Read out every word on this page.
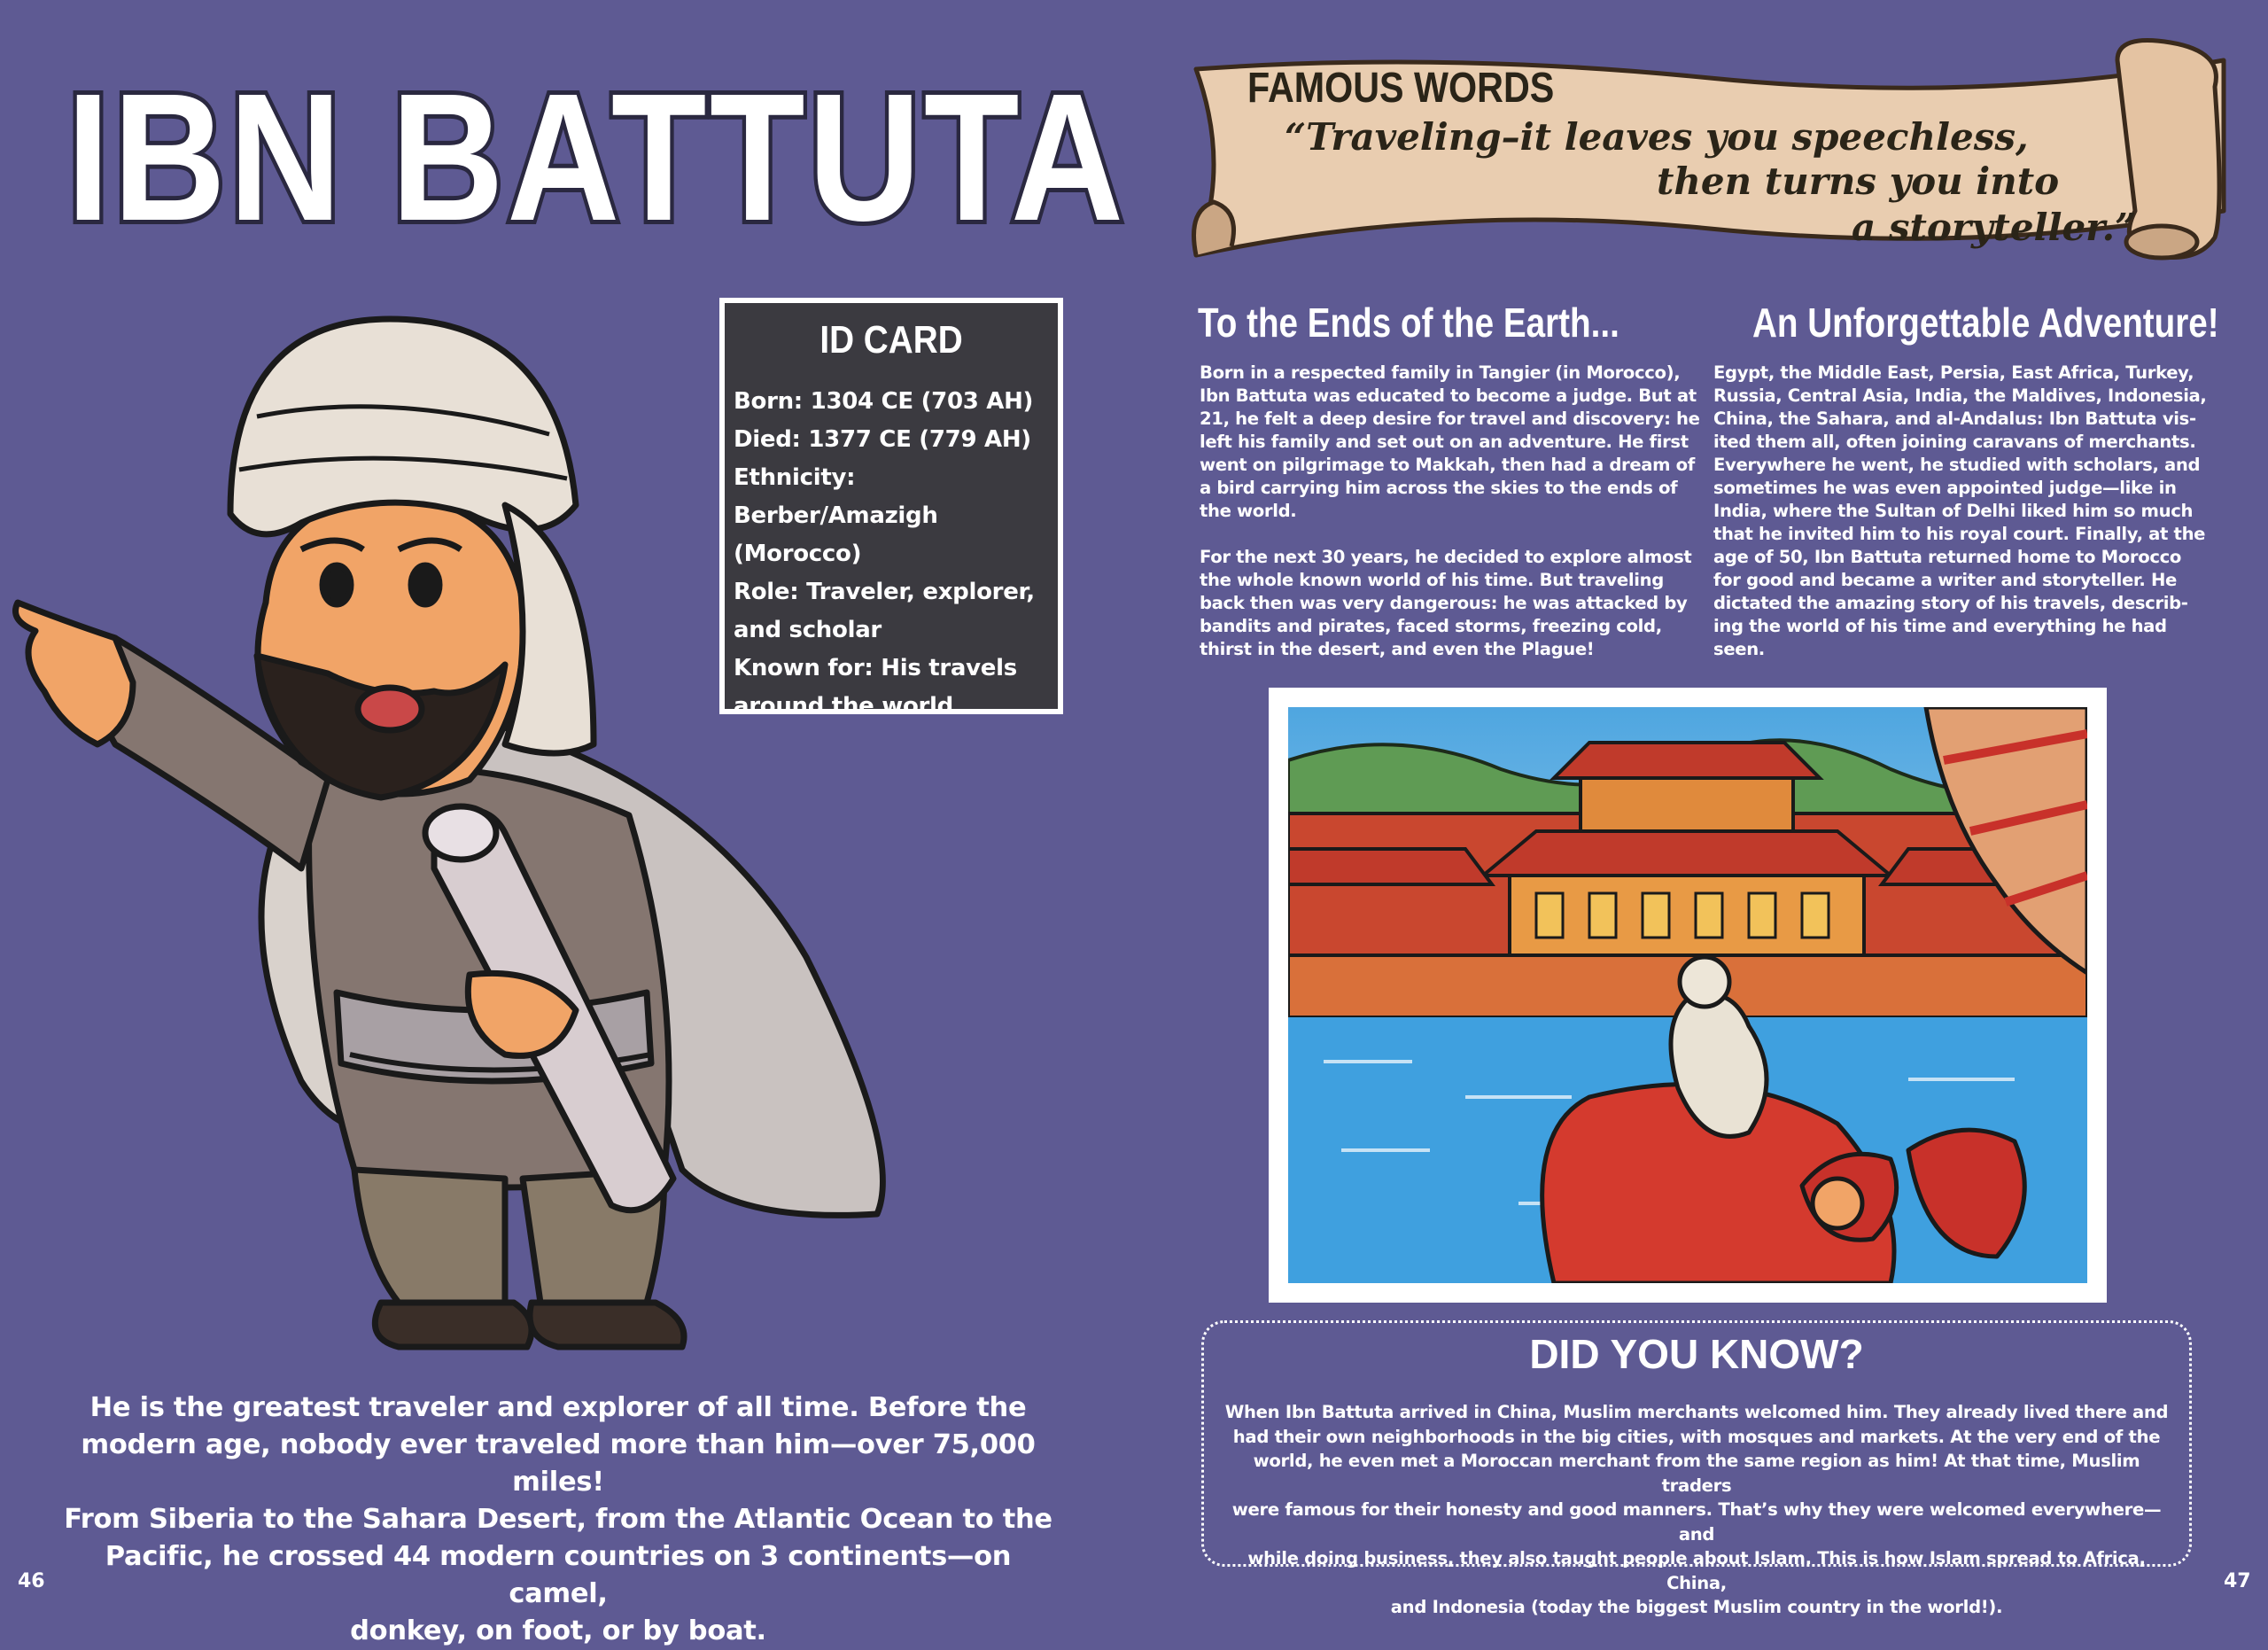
IBN BATTUTA
ID CARD
Born: 1304 CE (703 AH)
Died: 1377 CE (779 AH)
Ethnicity: Berber/Amazigh
(Morocco)
Role: Traveler, explorer,
and scholar
Known for: His travels
around the world.
He is the greatest traveler and explorer of all time. Before the
modern age, nobody ever traveled more than him—over 75,000 miles!
From Siberia to the Sahara Desert, from the Atlantic Ocean to the
Pacific, he crossed 44 modern countries on 3 continents—on camel,
donkey, on foot, or by boat.
46
FAMOUS WORDS
“Traveling–it leaves you speechless,
then turns you into
a storyteller.”
To the Ends of the Earth...

Born in a respected family in Tangier (in Morocco),
Ibn Battuta was educated to become a judge. But at
21, he felt a deep desire for travel and discovery: he
left his family and set out on an adventure. He first
went on pilgrimage to Makkah, then had a dream of
a bird carrying him across the skies to the ends of
the world.

For the next 30 years, he decided to explore almost
the whole known world of his time. But traveling
back then was very dangerous: he was attacked by
bandits and pirates, faced storms, freezing cold,
thirst in the desert, and even the Plague!

An Unforgettable Adventure!

Egypt, the Middle East, Persia, East Africa, Turkey,
Russia, Central Asia, India, the Maldives, Indonesia,
China, the Sahara, and al-Andalus: Ibn Battuta vis-
ited them all, often joining caravans of merchants.
Everywhere he went, he studied with scholars, and
sometimes he was even appointed judge—like in
India, where the Sultan of Delhi liked him so much
that he invited him to his royal court. Finally, at the
age of 50, Ibn Battuta returned home to Morocco
for good and became a writer and storyteller. He
dictated the amazing story of his travels, describ-
ing the world of his time and everything he had
seen.

DID YOU KNOW?
When Ibn Battuta arrived in China, Muslim merchants welcomed him. They already lived there and
had their own neighborhoods in the big cities, with mosques and markets. At the very end of the
world, he even met a Moroccan merchant from the same region as him! At that time, Muslim traders
were famous for their honesty and good manners. That’s why they were welcomed everywhere—and
while doing business, they also taught people about Islam. This is how Islam spread to Africa, China,
and Indonesia (today the biggest Muslim country in the world!).
47
